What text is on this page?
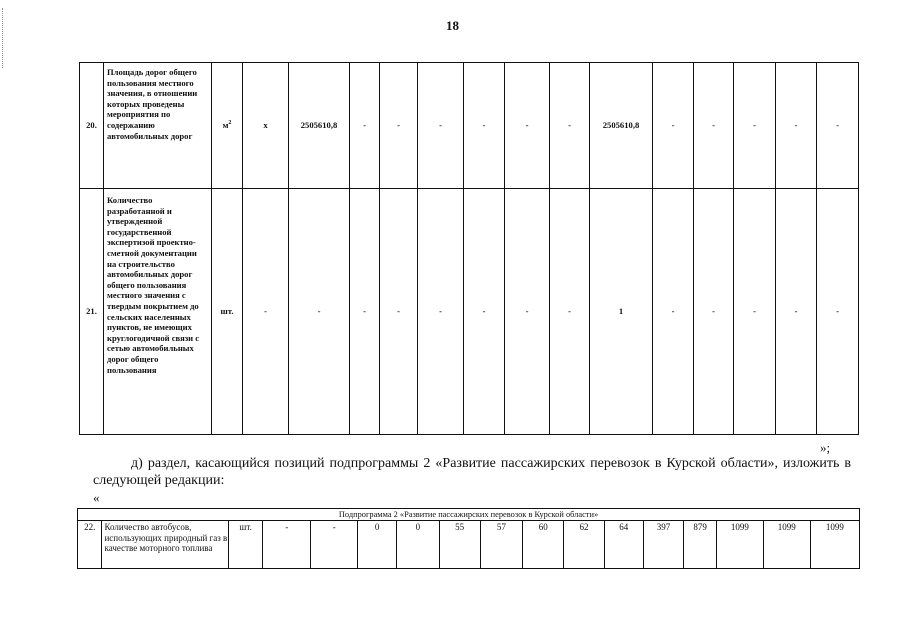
18
20.	Площадь дорог общего пользования местного значения, в отношении которых проведены мероприятия по содержанию автомобильных дорог	$м^2$	х	2505610,8	-	-	-	-	-	-	2505610,8	-	-	-	-	-
21.	Количество разработанной и утвержденной государственной экспертизой проектно-сметной документации на строительство автомобильных дорог общего пользования местного значения с твердым покрытием до сельских населенных пунктов, не имеющих круглогодичной связи с сетью автомобильных дорог общего пользования	шт.	-	-	-	-	-	-	-	-	1	-	-	-	-	-
»;
д) раздел, касающийся позиций подпрограммы 2 «Развитие пассажирских перевозок в Курской области», изложить в следующей редакции:
«
Подпрограмма 2 «Развитие пассажирских перевозок в Курской области»
22.	Количество автобусов, использующих природный газ в качестве моторного топлива	шт.	-	-	0	0	55	57	60	62	64	397	879	1099	1099	1099
